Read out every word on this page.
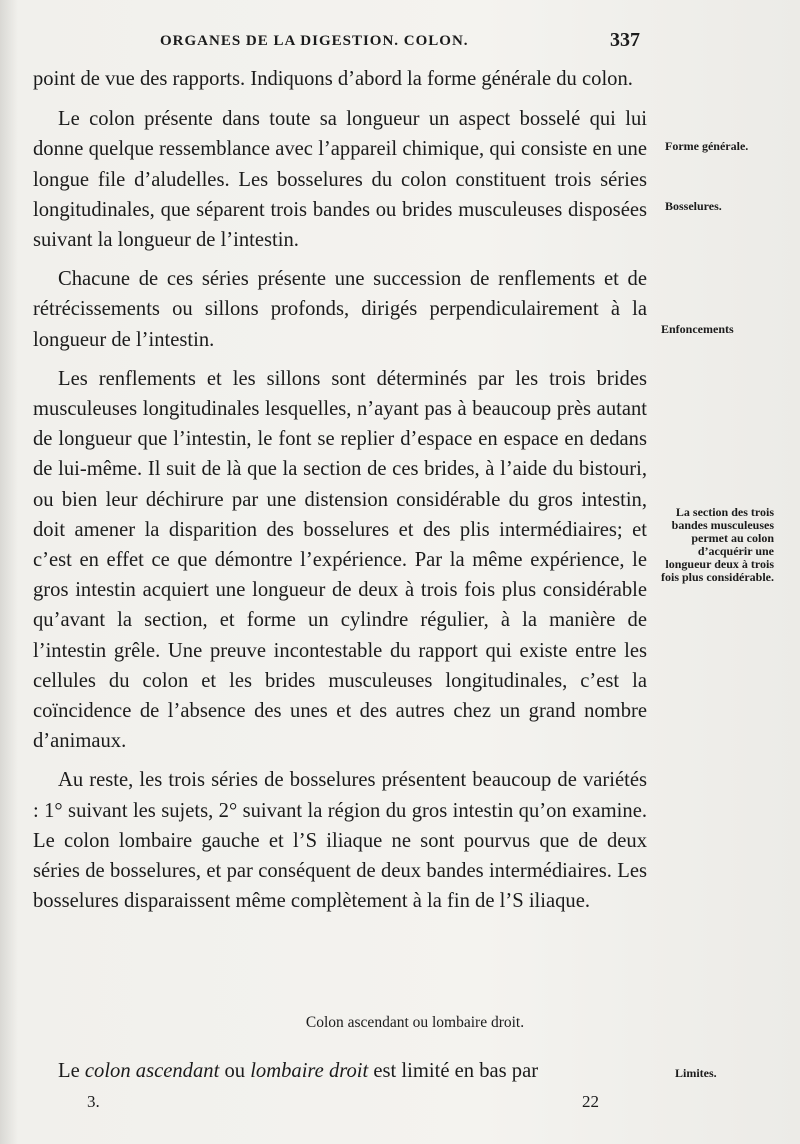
ORGANES DE LA DIGESTION. COLON.	337

point de vue des rapports. Indiquons d’abord la forme générale du colon.

Le colon présente dans toute sa longueur un aspect bosselé qui lui donne quelque ressemblance avec l’appareil chimique, qui consiste en une longue file d’aludelles. Les bosselures du colon constituent trois séries longitudinales, que séparent trois bandes ou brides musculeuses disposées suivant la longueur de l’intestin.

Chacune de ces séries présente une succession de renflements et de rétrécissements ou sillons profonds, dirigés perpendiculairement à la longueur de l’intestin.

Les renflements et les sillons sont déterminés par les trois brides musculeuses longitudinales lesquelles, n’ayant pas à beaucoup près autant de longueur que l’intestin, le font se replier d’espace en espace en dedans de lui-même. Il suit de là que la section de ces brides, à l’aide du bistouri, ou bien leur déchirure par une distension considérable du gros intestin, doit amener la disparition des bosselures et des plis intermédiaires; et c’est en effet ce que démontre l’expérience. Par la même expérience, le gros intestin acquiert une longueur de deux à trois fois plus considérable qu’avant la section, et forme un cylindre régulier, à la manière de l’intestin grêle. Une preuve incontestable du rapport qui existe entre les cellules du colon et les brides musculeuses longitudinales, c’est la coïncidence de l’absence des unes et des autres chez un grand nombre d’animaux.

Au reste, les trois séries de bosselures présentent beaucoup de variétés : 1° suivant les sujets, 2° suivant la région du gros intestin qu’on examine. Le colon lombaire gauche et l’S iliaque ne sont pourvus que de deux séries de bosselures, et par conséquent de deux bandes intermédiaires. Les bosselures disparaissent même complètement à la fin de l’S iliaque.

Colon ascendant ou lombaire droit.
Le colon ascendant ou lombaire droit est limité en bas par
Forme générale.
Bosselures.
Enfoncements
La section des trois bandes musculeuses permet au colon d’acquérir une longueur deux à trois fois plus considérable.
Limites.
3.	22
